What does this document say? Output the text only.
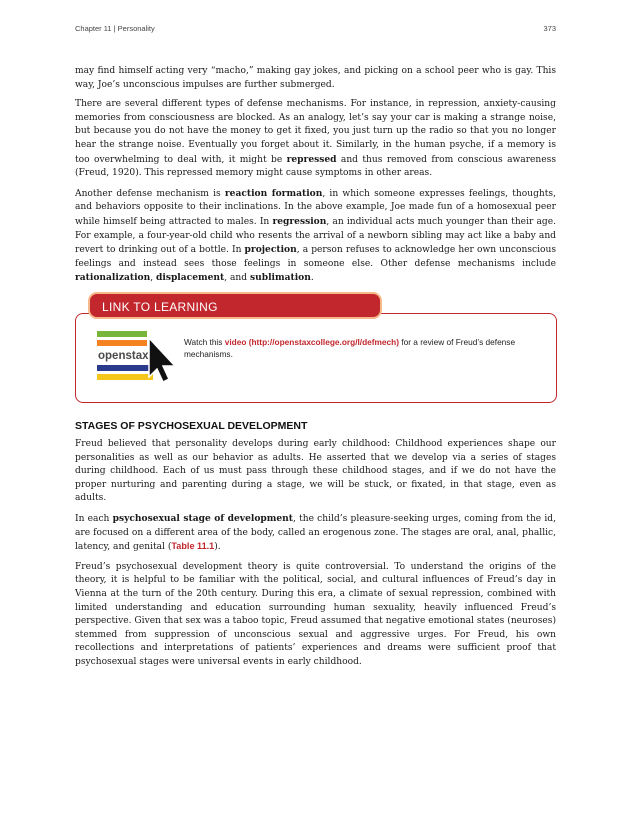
Chapter 11 | Personality	373

may find himself acting very “macho,” making gay jokes, and picking on a school peer who is gay. This way, Joe’s unconscious impulses are further submerged.

There are several different types of defense mechanisms. For instance, in repression, anxiety-causing memories from consciousness are blocked. As an analogy, let’s say your car is making a strange noise, but because you do not have the money to get it fixed, you just turn up the radio so that you no longer hear the strange noise. Eventually you forget about it. Similarly, in the human psyche, if a memory is too overwhelming to deal with, it might be repressed and thus removed from conscious awareness (Freud, 1920). This repressed memory might cause symptoms in other areas.

Another defense mechanism is reaction formation, in which someone expresses feelings, thoughts, and behaviors opposite to their inclinations. In the above example, Joe made fun of a homosexual peer while himself being attracted to males. In regression, an individual acts much younger than their age. For example, a four-year-old child who resents the arrival of a newborn sibling may act like a baby and revert to drinking out of a bottle. In projection, a person refuses to acknowledge her own unconscious feelings and instead sees those feelings in someone else. Other defense mechanisms include rationalization, displacement, and sublimation.

LINK TO LEARNING
openstax
Watch this video (http://openstaxcollege.org/l/defmech) for a review of Freud’s defense mechanisms.
STAGES OF PSYCHOSEXUAL DEVELOPMENT

Freud believed that personality develops during early childhood: Childhood experiences shape our personalities as well as our behavior as adults. He asserted that we develop via a series of stages during childhood. Each of us must pass through these childhood stages, and if we do not have the proper nurturing and parenting during a stage, we will be stuck, or fixated, in that stage, even as adults.

In each psychosexual stage of development, the child’s pleasure-seeking urges, coming from the id, are focused on a different area of the body, called an erogenous zone. The stages are oral, anal, phallic, latency, and genital (Table 11.1).

Freud’s psychosexual development theory is quite controversial. To understand the origins of the theory, it is helpful to be familiar with the political, social, and cultural influences of Freud’s day in Vienna at the turn of the 20th century. During this era, a climate of sexual repression, combined with limited understanding and education surrounding human sexuality, heavily influenced Freud’s perspective. Given that sex was a taboo topic, Freud assumed that negative emotional states (neuroses) stemmed from suppression of unconscious sexual and aggressive urges. For Freud, his own recollections and interpretations of patients’ experiences and dreams were sufficient proof that psychosexual stages were universal events in early childhood.
